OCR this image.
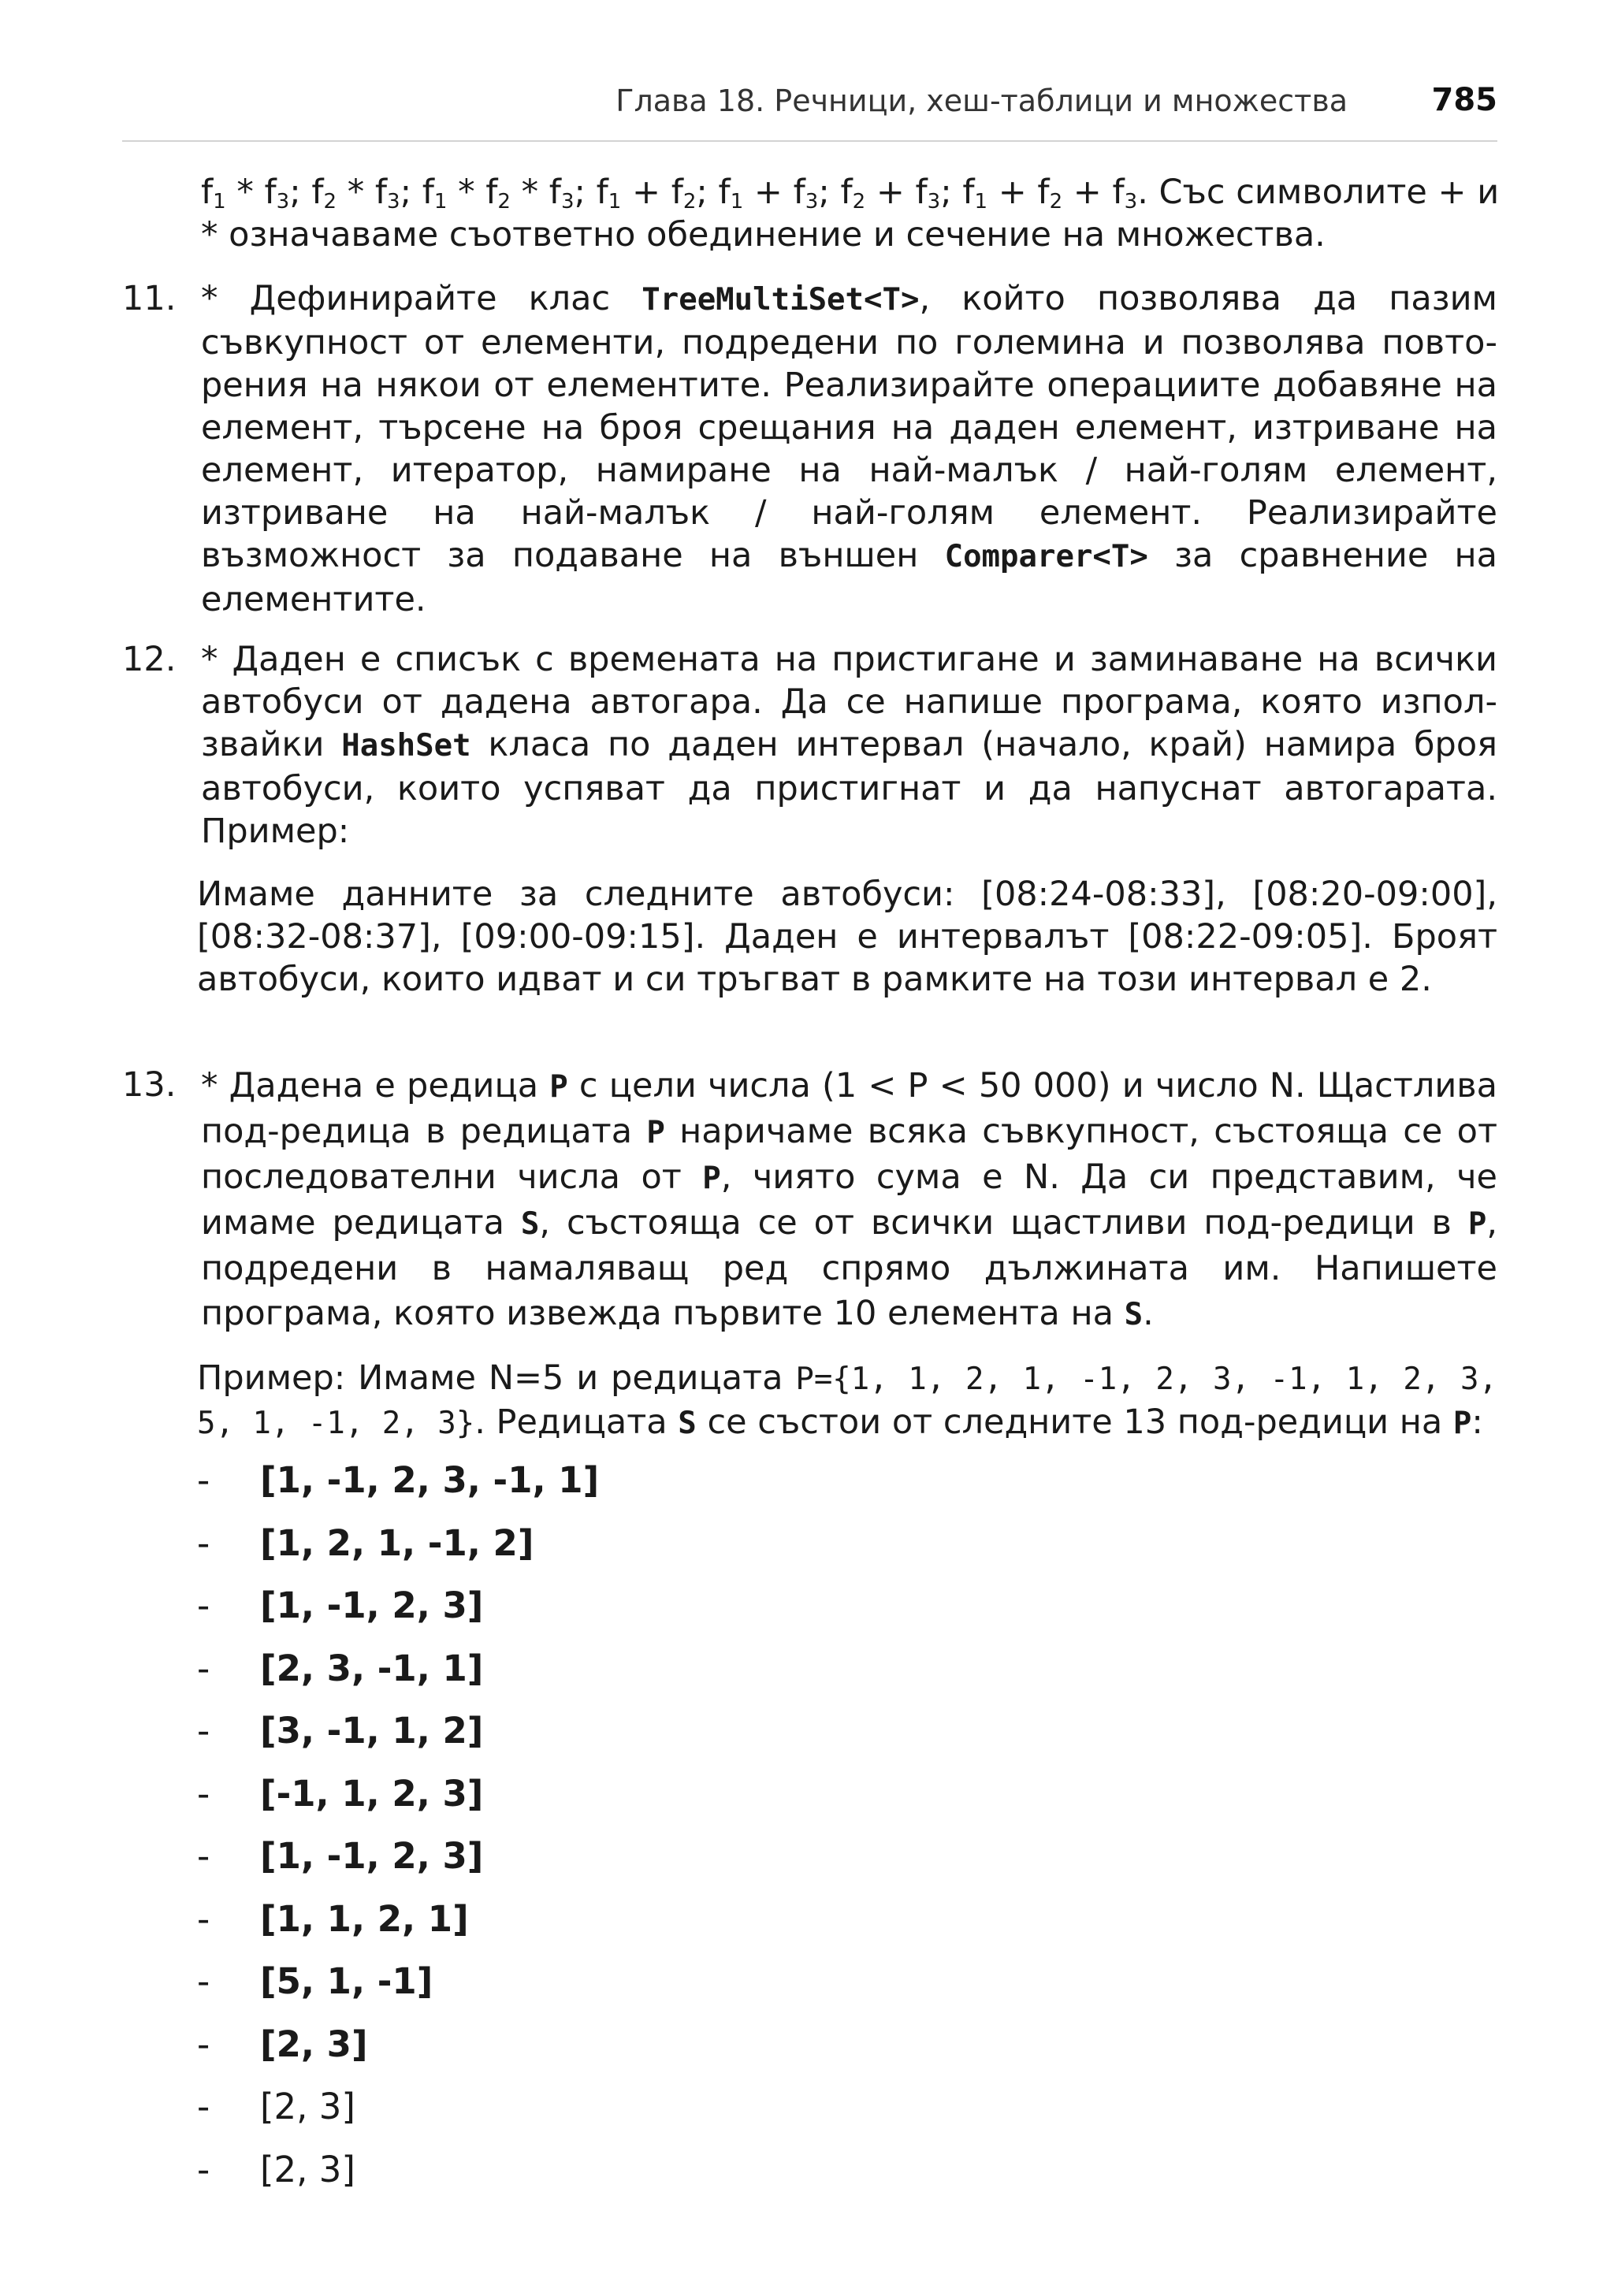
Глава 18. Речници, хеш-таблици и множества	785
$f_1 * f_3$; $f_2 * f_3$; $f_1 * f_2 * f_3$; $f_1 + f_2$; $f_1 + f_3$; $f_2 + f_3$; $f_1 + f_2 + f_3$. Със символите + и
* означаваме съответно обединение и сечение на множества.
11. * Дефинирайте клас TreeMultiSet<T>, който позволява да пазим съвкупност от елементи, подредени по големина и позволява повторения на някои от елементите. Реализирайте операциите добавяне на елемент, търсене на броя срещания на даден елемент, изтриване на елемент, итератор, намиране на най-малък / най-голям елемент, изтриване на най-малък / най-голям елемент. Реализирайте възможност за подаване на външен Comparer<T> за сравнение на елементите.
12. * Даден е списък с времената на пристигане и заминаване на всички автобуси от дадена автогара. Да се напише програма, която използвайки HashSet класа по даден интервал (начало, край) намира броя автобуси, които успяват да пристигнат и да напуснат автогарата. Пример:
Имаме данните за следните автобуси: [08:24-08:33], [08:20-09:00], [08:32-08:37], [09:00-09:15]. Даден е интервалът [08:22-09:05]. Броят автобуси, които идват и си тръгват в рамките на този интервал е 2.
13. * Дадена е редица P с цели числа (1 < P < 50 000) и число N. Щастлива под-редица в редицата P наричаме всяка съвкупност, състояща се от последователни числа от P, чиято сума е N. Да си представим, че имаме редицата S, състояща се от всички щастливи под-редици в P, подредени в намаляващ ред спрямо дължината им. Напишете програма, която извежда първите 10 елемента на S.
Пример: Имаме N=5 и редицата P={1, 1, 2, 1, -1, 2, 3, -1, 1, 2, 3, 5, 1, -1, 2, 3}. Редицата S се състои от следните 13 под-редици на P:
- [1, -1, 2, 3, -1, 1]
- [1, 2, 1, -1, 2]
- [1, -1, 2, 3]
- [2, 3, -1, 1]
- [3, -1, 1, 2]
- [-1, 1, 2, 3]
- [1, -1, 2, 3]
- [1, 1, 2, 1]
- [5, 1, -1]
- [2, 3]
- [2, 3]
- [2, 3]
